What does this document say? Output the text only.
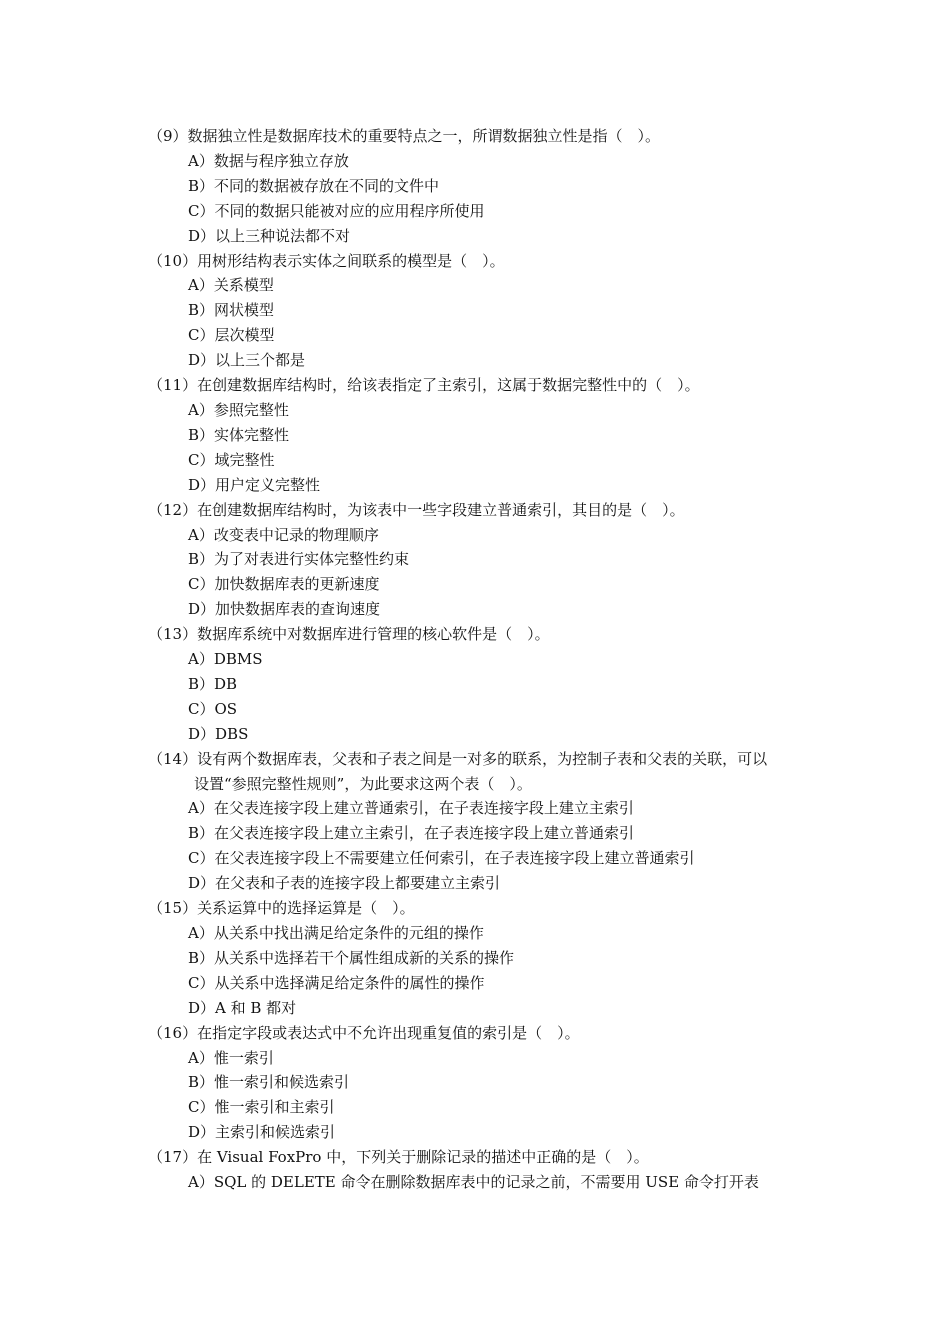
（9）数据独立性是数据库技术的重要特点之一，所谓数据独立性是指（　）。
A）数据与程序独立存放
B）不同的数据被存放在不同的文件中
C）不同的数据只能被对应的应用程序所使用
D）以上三种说法都不对
（10）用树形结构表示实体之间联系的模型是（　）。
A）关系模型
B）网状模型
C）层次模型
D）以上三个都是
（11）在创建数据库结构时，给该表指定了主索引，这属于数据完整性中的（　）。
A）参照完整性
B）实体完整性
C）域完整性
D）用户定义完整性
（12）在创建数据库结构时，为该表中一些字段建立普通索引，其目的是（　）。
A）改变表中记录的物理顺序
B）为了对表进行实体完整性约束
C）加快数据库表的更新速度
D）加快数据库表的查询速度
（13）数据库系统中对数据库进行管理的核心软件是（　）。
A）DBMS
B）DB
C）OS
D）DBS
（14）设有两个数据库表，父表和子表之间是一对多的联系，为控制子表和父表的关联，可以
设置“参照完整性规则”，为此要求这两个表（　）。
A）在父表连接字段上建立普通索引，在子表连接字段上建立主索引
B）在父表连接字段上建立主索引，在子表连接字段上建立普通索引
C）在父表连接字段上不需要建立任何索引，在子表连接字段上建立普通索引
D）在父表和子表的连接字段上都要建立主索引
（15）关系运算中的选择运算是（　）。
A）从关系中找出满足给定条件的元组的操作
B）从关系中选择若干个属性组成新的关系的操作
C）从关系中选择满足给定条件的属性的操作
D）A 和 B 都对
（16）在指定字段或表达式中不允许出现重复值的索引是（　）。
A）惟一索引
B）惟一索引和候选索引
C）惟一索引和主索引
D）主索引和候选索引
（17）在 Visual FoxPro 中，下列关于删除记录的描述中正确的是（　）。
A）SQL 的 DELETE 命令在删除数据库表中的记录之前，不需要用 USE 命令打开表
